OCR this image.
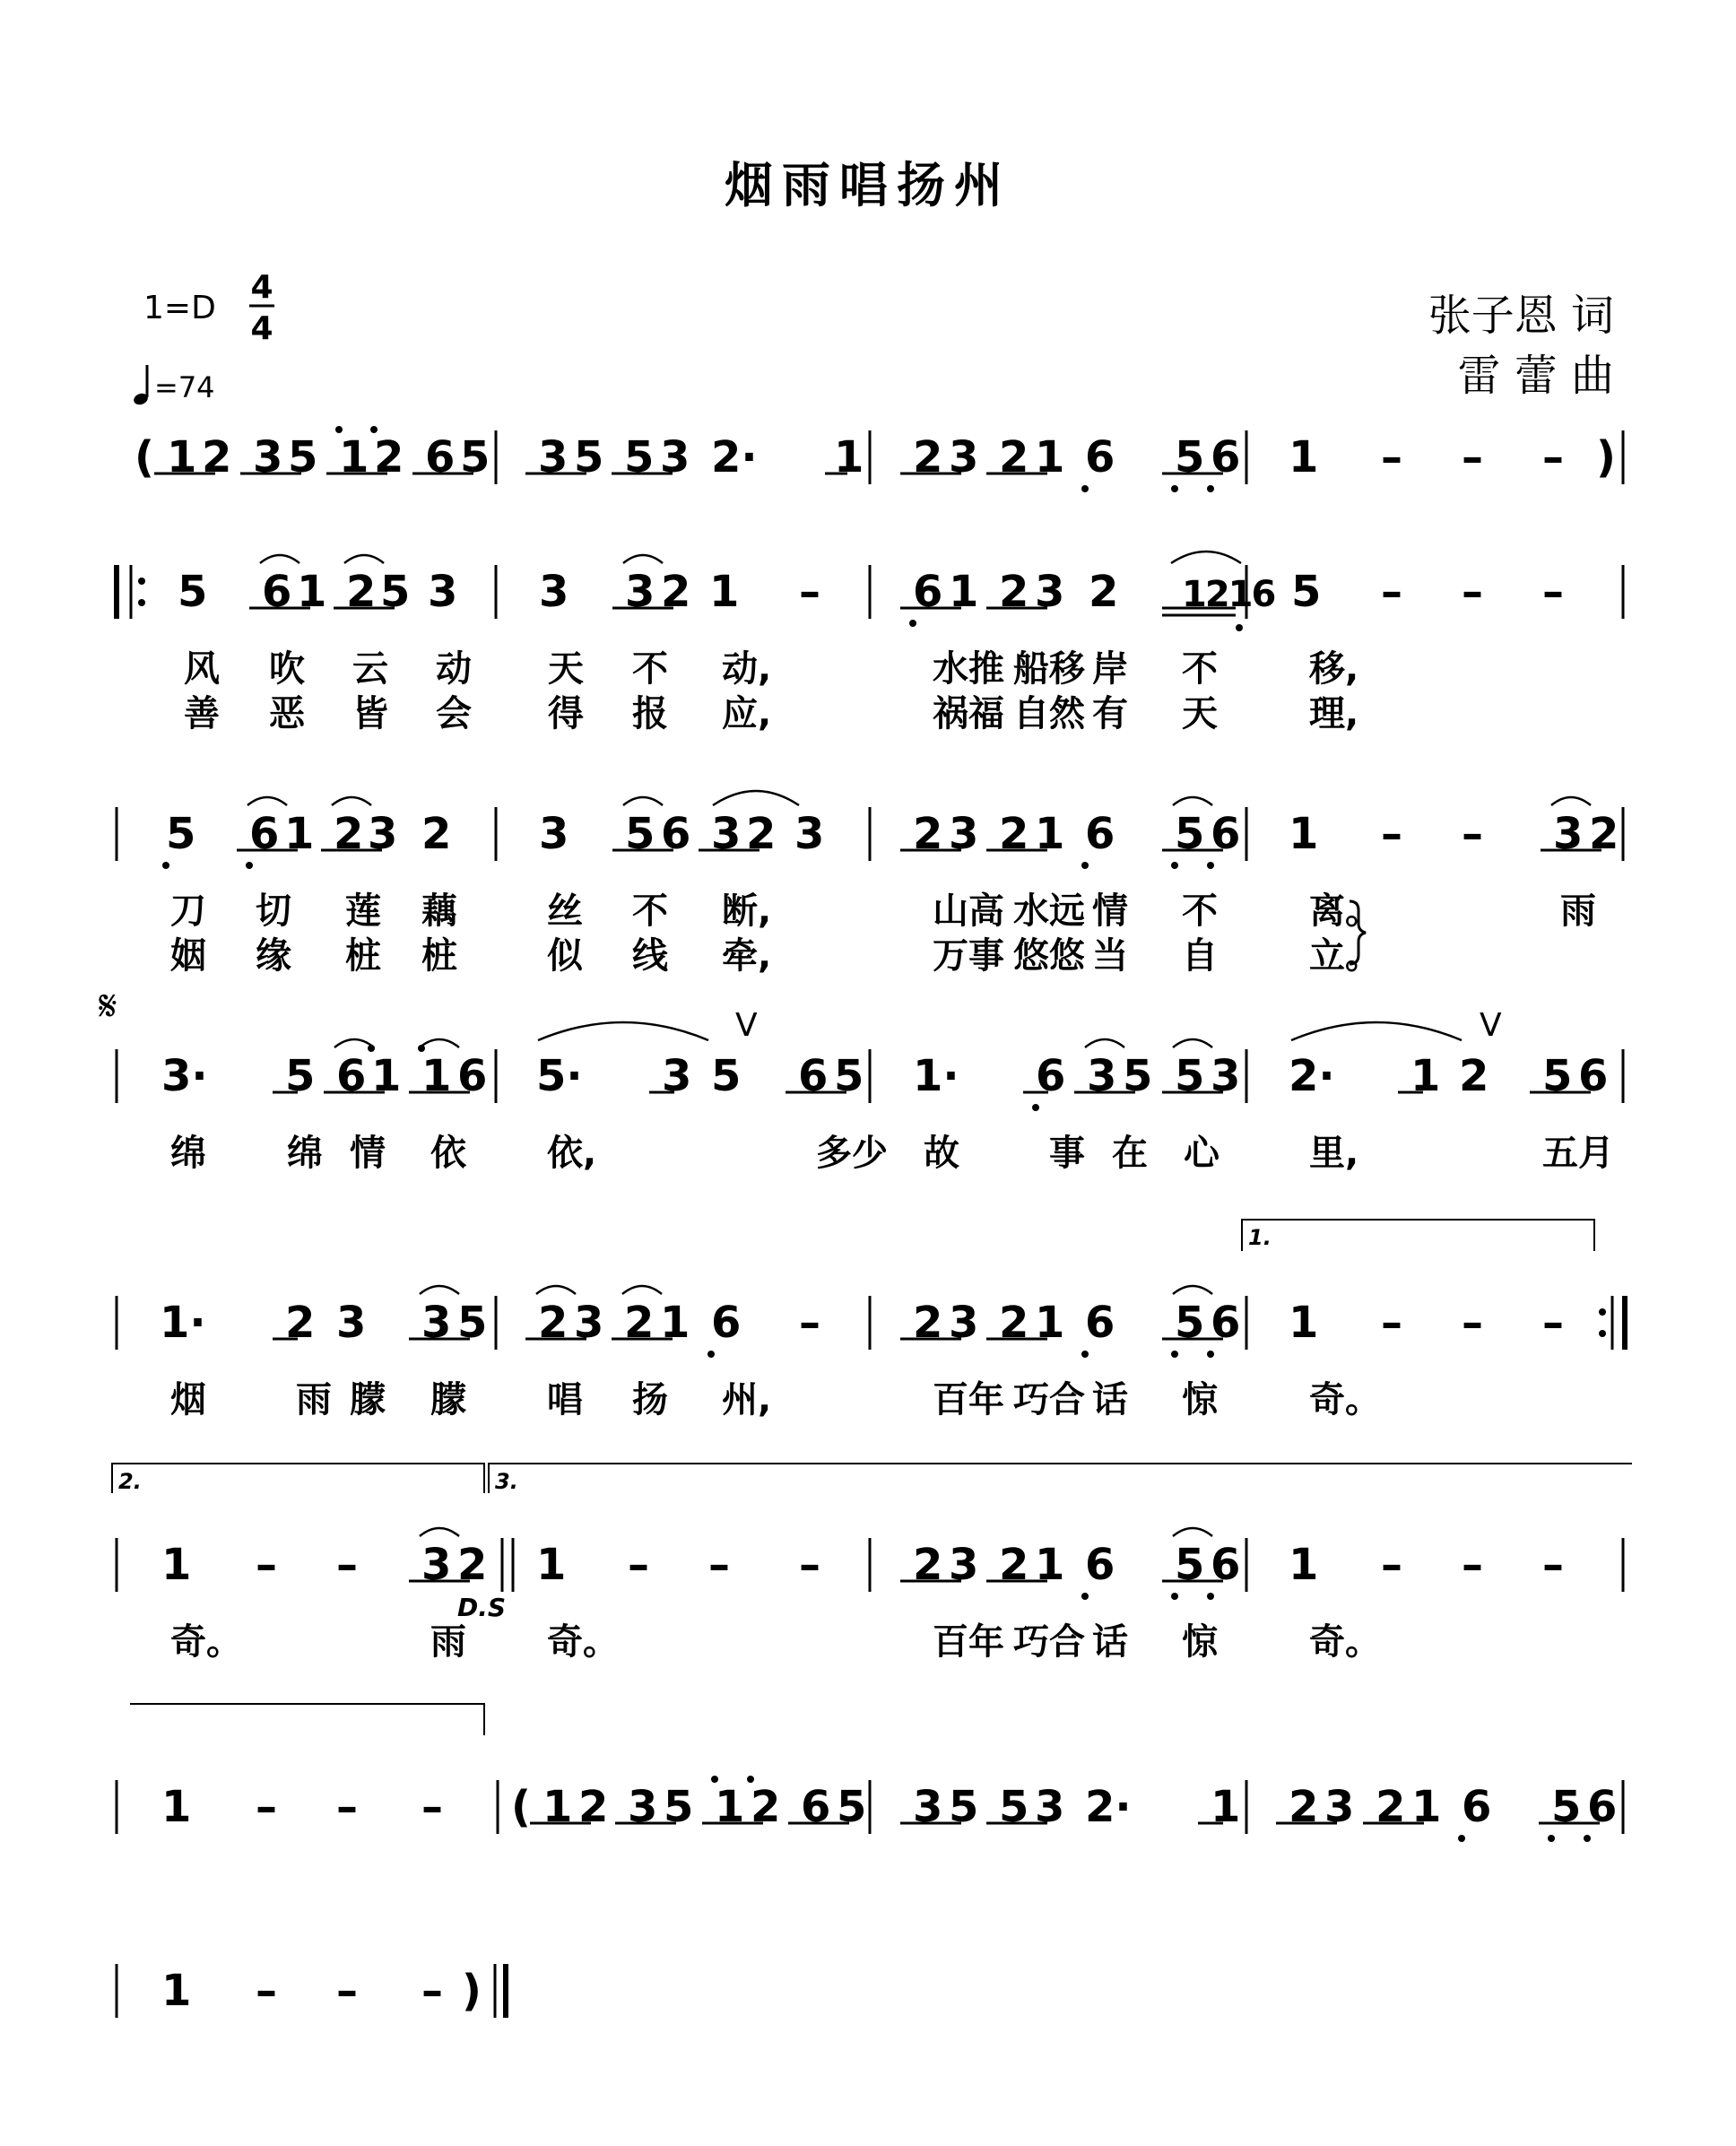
烟雨唱扬州
1=D
4
4
=74
张子恩 词
雷 蕾 曲
( 1 2 3 5 1 2 6 5 3 5 5 3 2· 1 2 3 2 1 6 5 6 1 – – – )
5 6 1 2 5 3 3 3 2 1 – 6 1 2 3 2 1216 5 – – –
5 6 1 2 3 2 3 5 6 3 2 3 2 3 2 1 6 5 6 1 – – 3 2
3· 5 6 1 1 6 5· 3 5 6 5 1· 6 3 5 5 3 2· 1 2 5 6
1· 2 3 3 5 2 3 2 1 6 – 2 3 2 1 6 5 6 1 – – –
1 – – 3 2 1 – – – 2 3 2 1 6 5 6 1 – – –
1 – – – ( 1 2 3 5 1 2 6 5 3 5 5 3 2· 1 2 3 2 1 6 5 6
1 – – – )
风 吹 云 动 天 不 动,	水推 船移 岸 不	移,
善 恶 皆 会 得 报 应,	祸福 自然 有 天	理,
刀 切 莲 藕	丝 不 断,	山高 水远 情 不	离。	雨
姻 缘 桩 桩	似 线 牵,	万事 悠悠 当 自	立。
绵 绵 情 依 依,	多少 故	事 在 心	里,	五月
烟	雨 朦 朦 唱 扬 州,	百年 巧合 话 惊	奇。
奇。	雨 奇。	百年 巧合 话 惊	奇。
V	V
𝄋
D.S
1.
2.	3.
